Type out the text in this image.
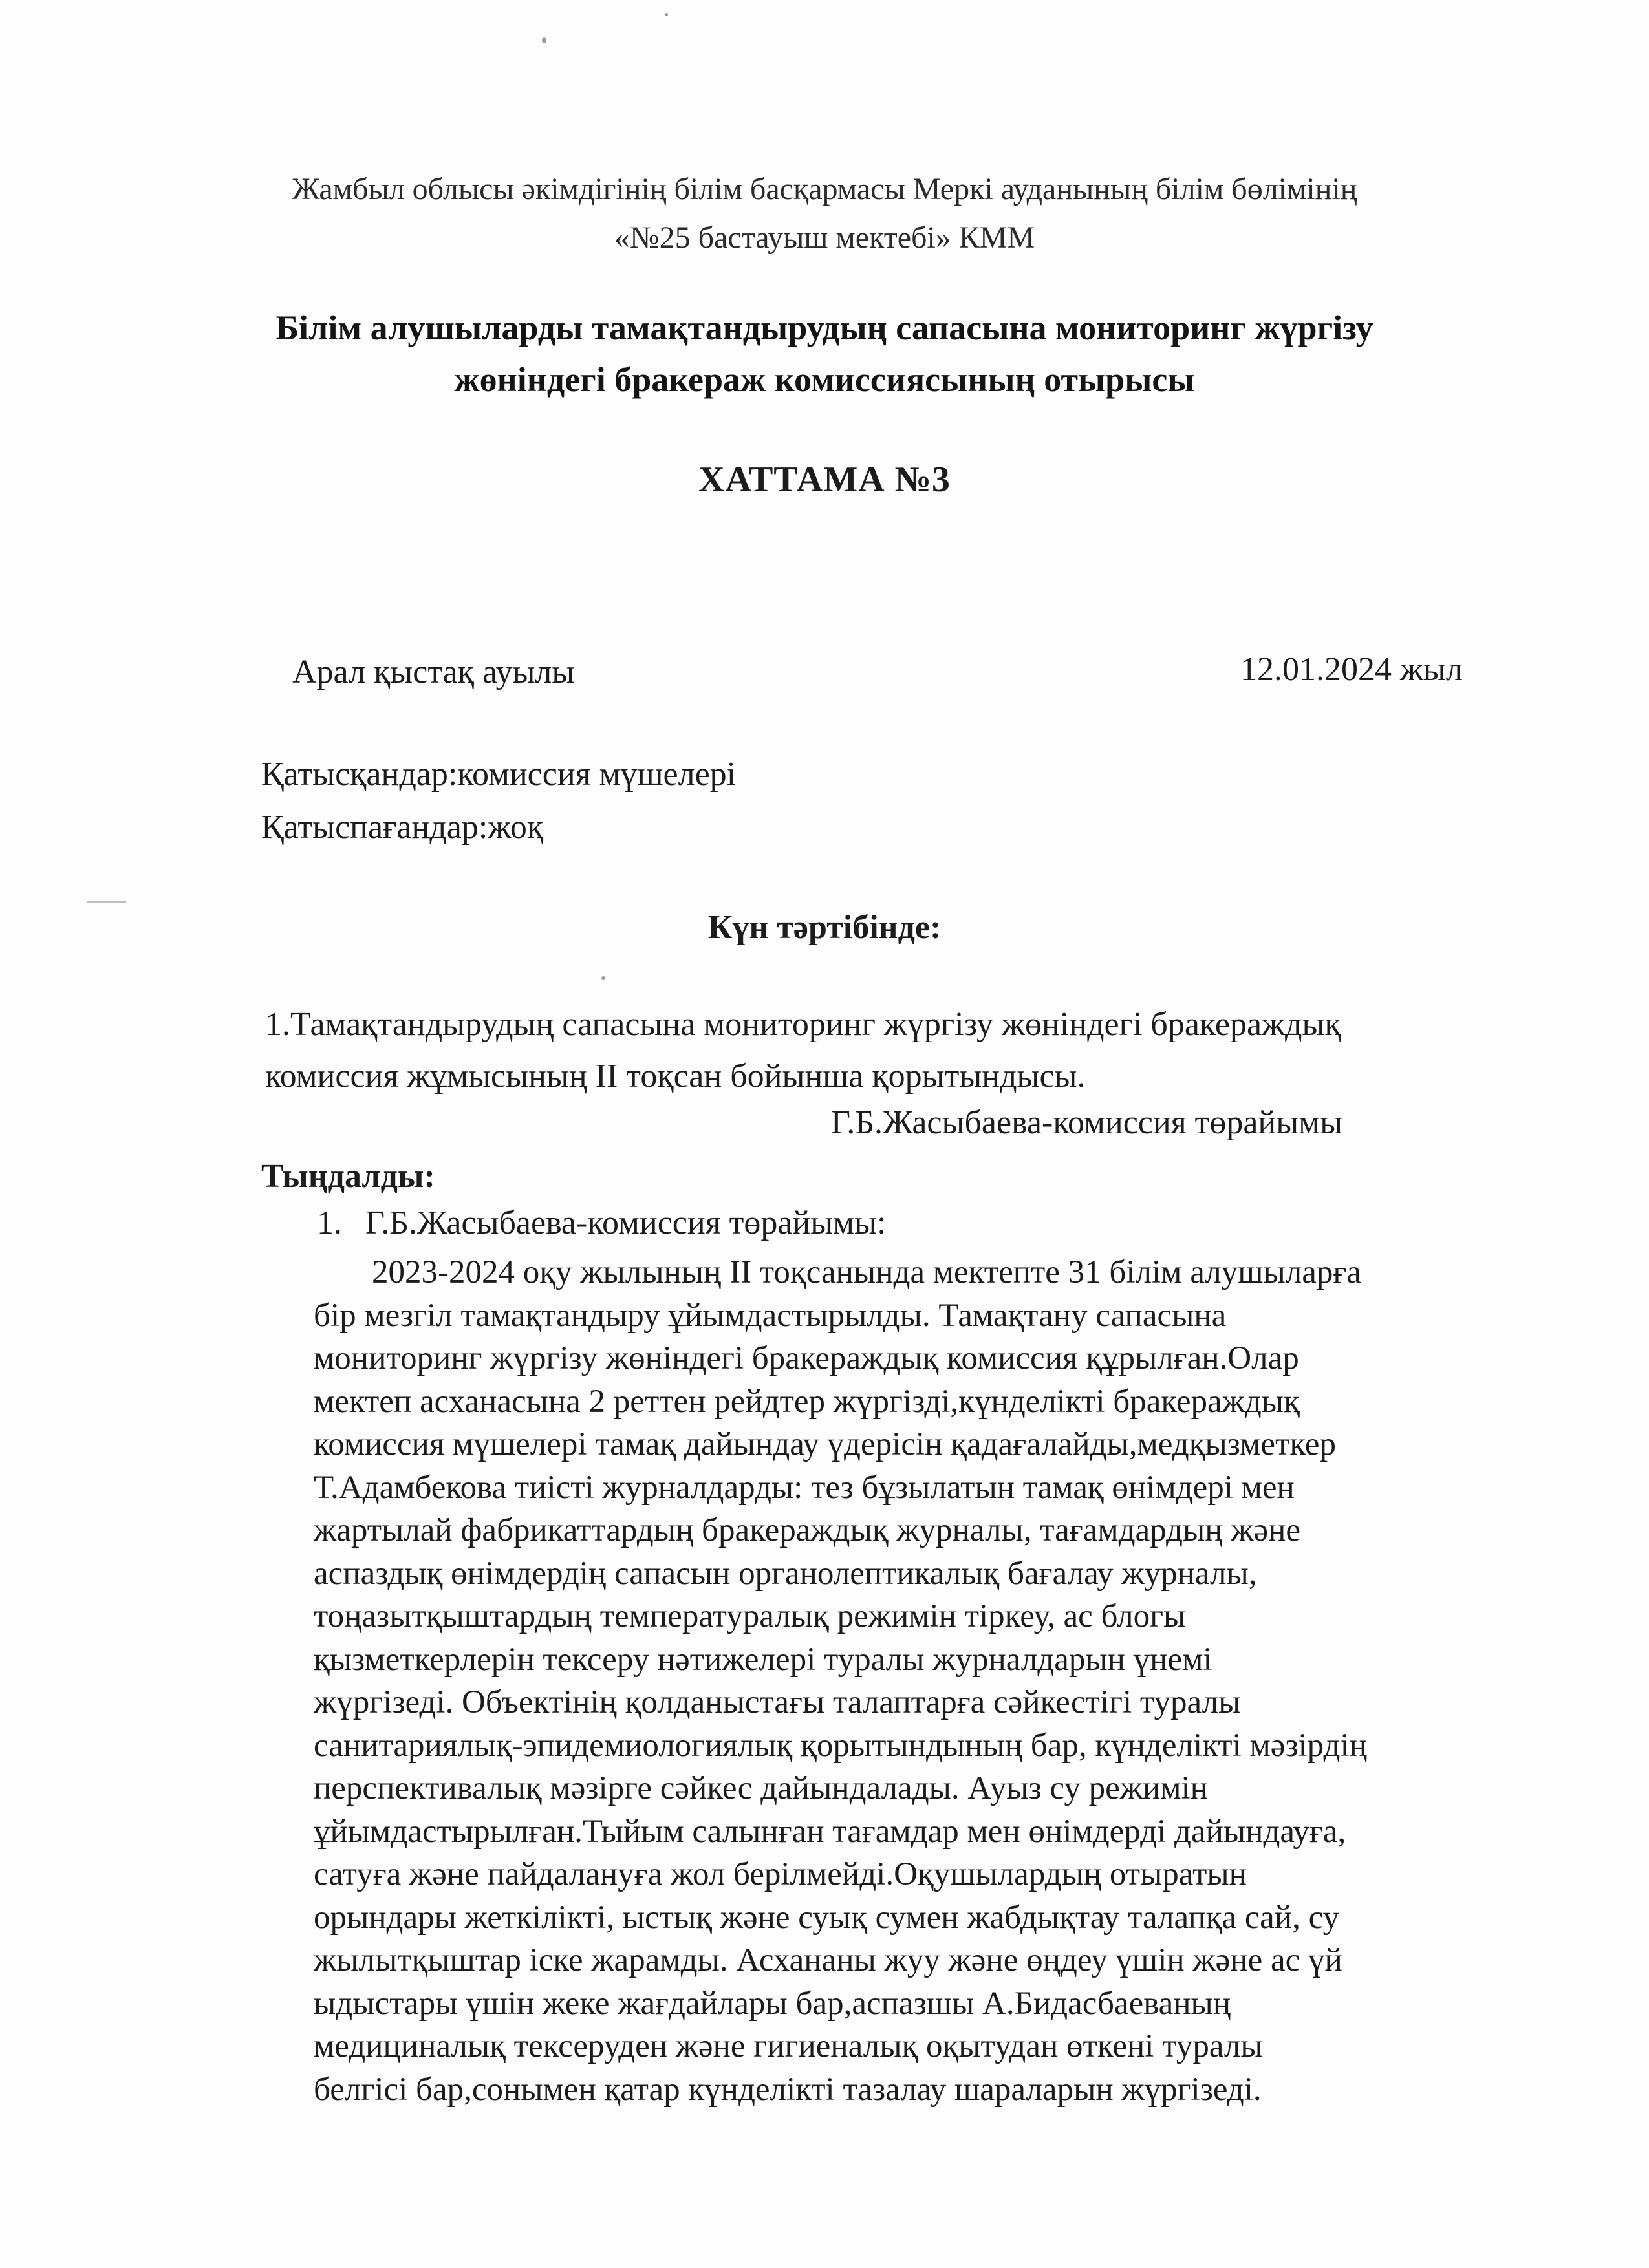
Жамбыл облысы әкімдігінің білім басқармасы Меркі ауданының білім бөлімінің
«№25 бастауыш мектебі» КММ
Білім алушыларды тамақтандырудың сапасына мониторинг жүргізу
жөніндегі бракераж комиссиясының отырысы
ХАТТАМА №3
Арал қыстақ ауылы	12.01.2024 жыл
Қатысқандар:комиссия мүшелері
Қатыспағандар:жоқ
Күн тәртібінде:
1.Тамақтандырудың сапасына мониторинг жүргізу жөніндегі бракераждық
комиссия жұмысының ІІ тоқсан бойынша қорытындысы.
Г.Б.Жасыбаева-комиссия төрайымы
Тыңдалды:
1. Г.Б.Жасыбаева-комиссия төрайымы:
2023-2024 оқу жылының ІІ тоқсанында мектепте 31 білім алушыларға
бір мезгіл тамақтандыру ұйымдастырылды. Тамақтану сапасына
мониторинг жүргізу жөніндегі бракераждық комиссия құрылған.Олар
мектеп асханасына 2 реттен рейдтер жүргізді,күнделікті бракераждық
комиссия мүшелері тамақ дайындау үдерісін қадағалайды,медқызметкер
Т.Адамбекова тиісті журналдарды: тез бұзылатын тамақ өнімдері мен
жартылай фабрикаттардың бракераждық журналы, тағамдардың және
аспаздық өнімдердің сапасын органолептикалық бағалау журналы,
тоңазытқыштардың температуралық режимін тіркеу, ас блогы
қызметкерлерін тексеру нәтижелері туралы журналдарын үнемі
жүргізеді. Объектінің қолданыстағы талаптарға сәйкестігі туралы
санитариялық-эпидемиологиялық қорытындының бар, күнделікті мәзірдің
перспективалық мәзірге сәйкес дайындалады. Ауыз су режимін
ұйымдастырылған.Тыйым салынған тағамдар мен өнімдерді дайындауға,
сатуға және пайдалануға жол берілмейді.Оқушылардың отыратын
орындары жеткілікті, ыстық және суық сумен жабдықтау талапқа сай, су
жылытқыштар іске жарамды. Асхананы жуу және өңдеу үшін және ас үй
ыдыстары үшін жеке жағдайлары бар,аспазшы А.Бидасбаеваның
медициналық тексеруден және гигиеналық оқытудан өткені туралы
белгісі бар,сонымен қатар күнделікті тазалау шараларын жүргізеді.
